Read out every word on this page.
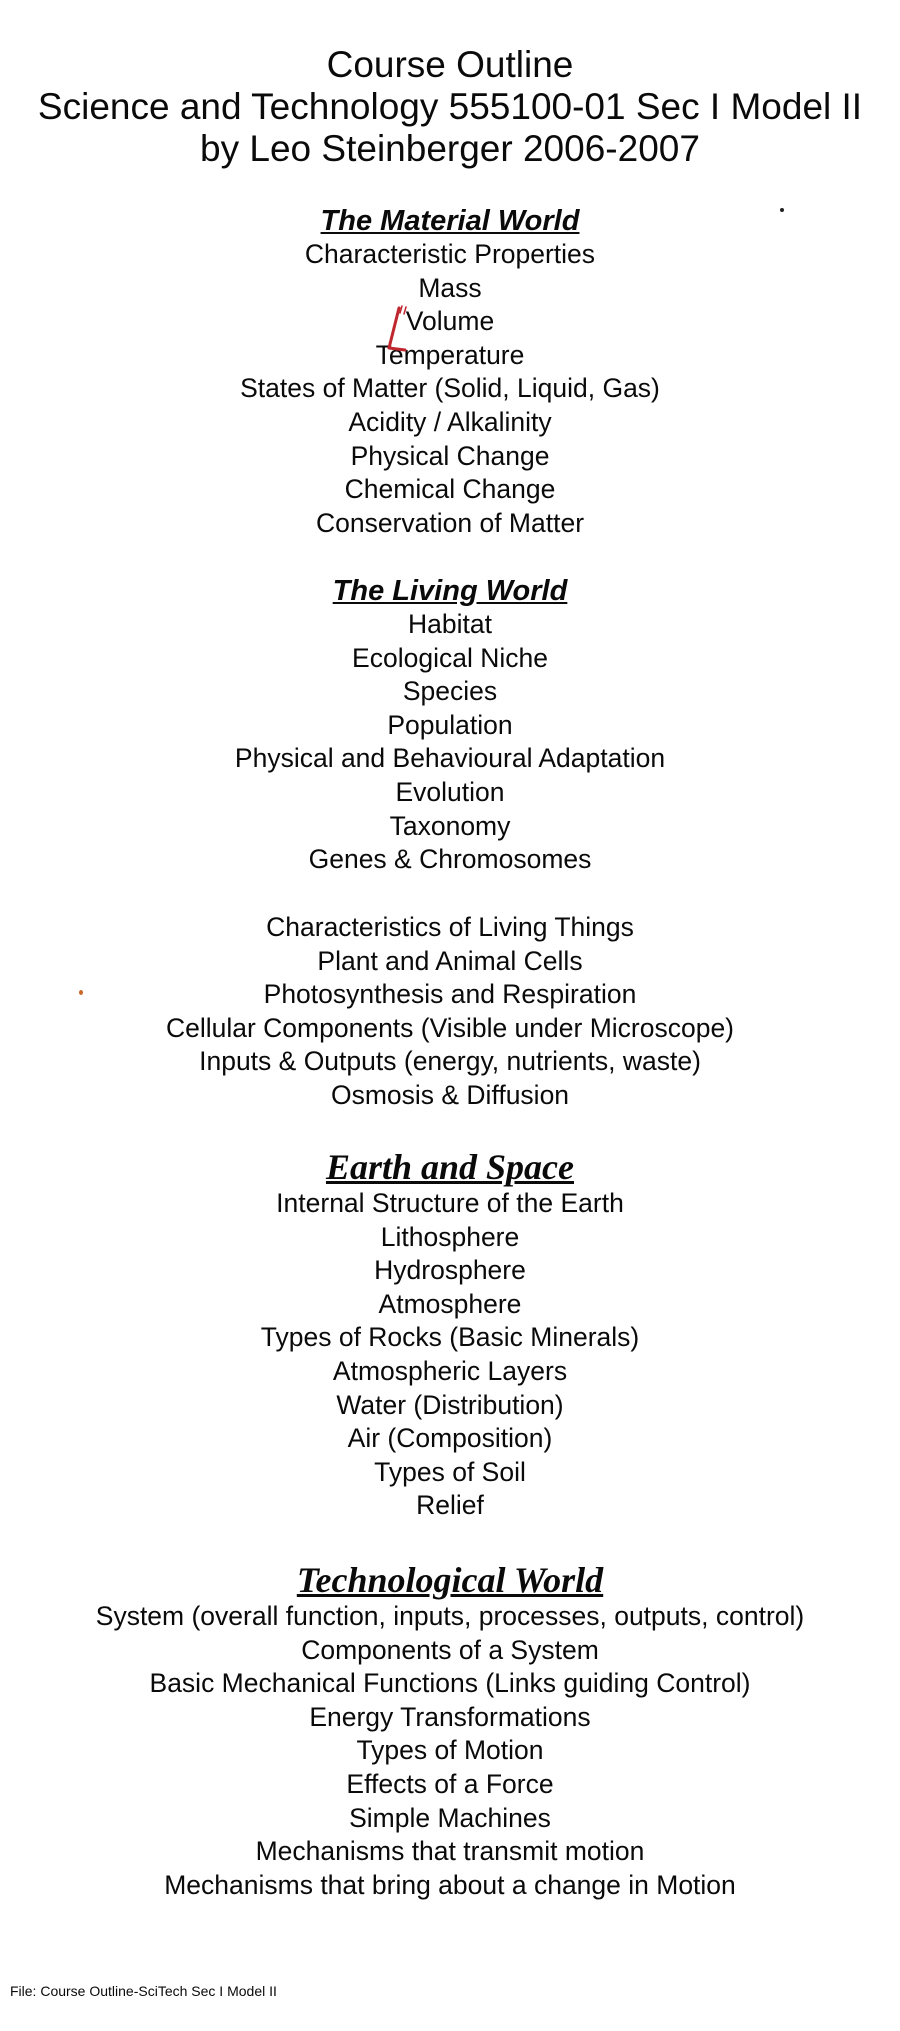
Course Outline
Science and Technology 555100-01 Sec I Model II
by Leo Steinberger 2006-2007
The Material World
Characteristic Properties
Mass
Volume
Temperature
States of Matter (Solid, Liquid, Gas)
Acidity / Alkalinity
Physical Change
Chemical Change
Conservation of Matter
The Living World
Habitat
Ecological Niche
Species
Population
Physical and Behavioural Adaptation
Evolution
Taxonomy
Genes & Chromosomes
Characteristics of Living Things
Plant and Animal Cells
Photosynthesis and Respiration
Cellular Components (Visible under Microscope)
Inputs & Outputs (energy, nutrients, waste)
Osmosis & Diffusion
Earth and Space
Internal Structure of the Earth
Lithosphere
Hydrosphere
Atmosphere
Types of Rocks (Basic Minerals)
Atmospheric Layers
Water (Distribution)
Air (Composition)
Types of Soil
Relief
Technological World
System (overall function, inputs, processes, outputs, control)
Components of a System
Basic Mechanical Functions (Links guiding Control)
Energy Transformations
Types of Motion
Effects of a Force
Simple Machines
Mechanisms that transmit motion
Mechanisms that bring about a change in Motion
File: Course Outline-SciTech Sec I Model II
